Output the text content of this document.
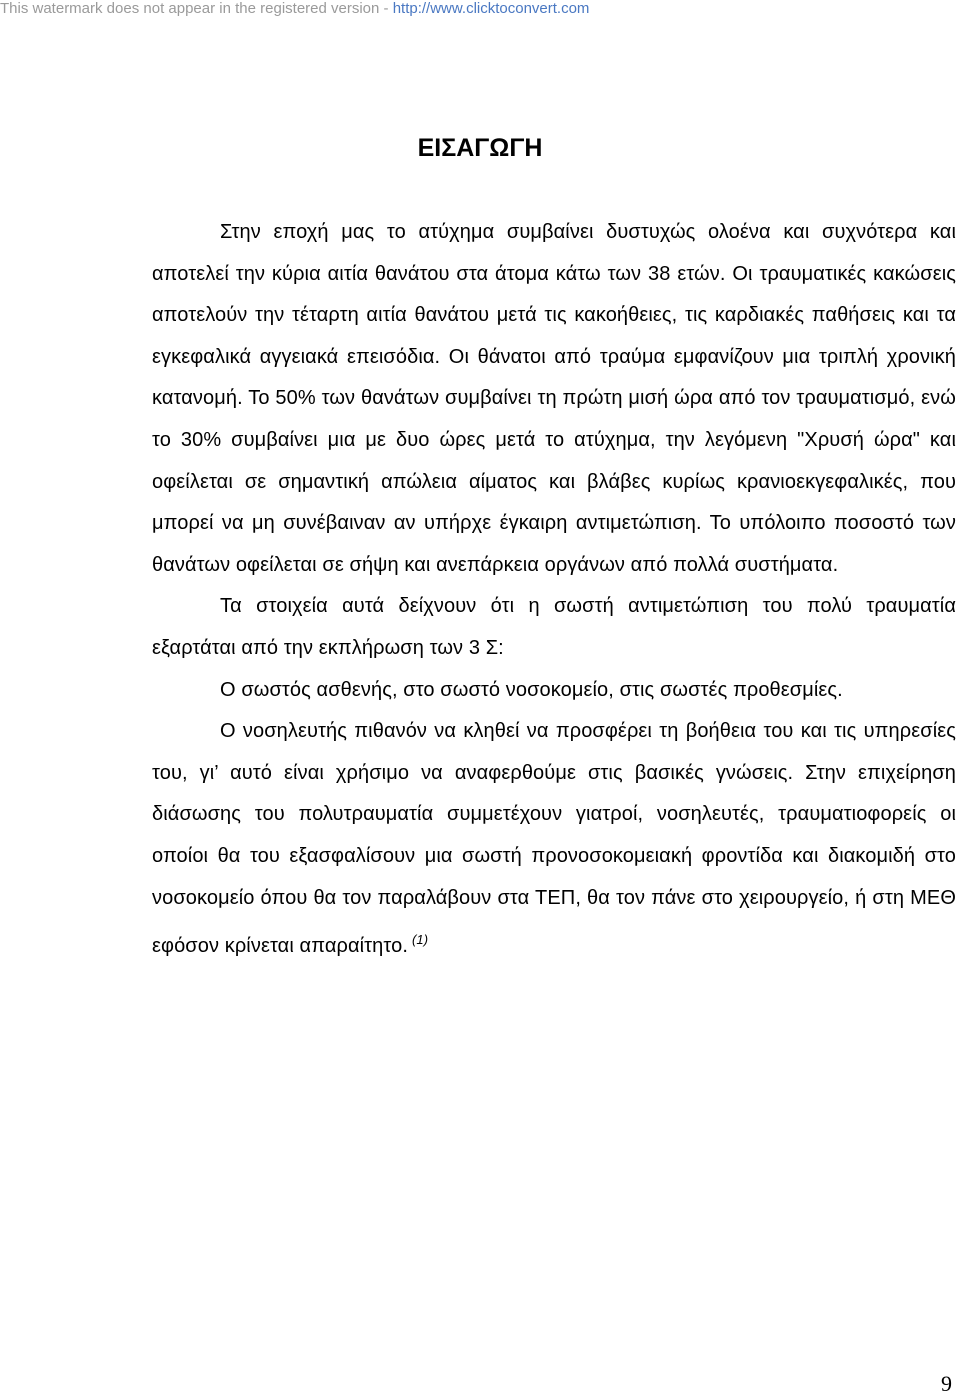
This watermark does not appear in the registered version - http://www.clicktoconvert.com
ΕΙΣΑΓΩΓΗ

Στην εποχή μας το ατύχημα συμβαίνει δυστυχώς ολοένα και συχνότερα και αποτελεί την κύρια αιτία θανάτου στα άτομα κάτω των 38 ετών. Οι τραυματικές κακώσεις αποτελούν την τέταρτη αιτία θανάτου μετά τις κακοήθειες, τις καρδιακές παθήσεις και τα εγκεφαλικά αγγειακά επεισόδια. Οι θάνατοι από τραύμα εμφανίζουν μια τριπλή χρονική κατανομή. Το 50% των θανάτων συμβαίνει τη πρώτη μισή ώρα από τον τραυματισμό, ενώ το 30% συμβαίνει μια με δυο ώρες μετά το ατύχημα, την λεγόμενη "Χρυσή ώρα" και οφείλεται σε σημαντική απώλεια αίματος και βλάβες κυρίως κρανιοεκγεφαλικές, που μπορεί να μη συνέβαιναν αν υπήρχε έγκαιρη αντιμετώπιση. Το υπόλοιπο ποσοστό των θανάτων οφείλεται σε σήψη και ανεπάρκεια οργάνων από πολλά συστήματα.

Τα στοιχεία αυτά δείχνουν ότι η σωστή αντιμετώπιση του πολύ τραυματία εξαρτάται από την εκπλήρωση των 3 Σ:

Ο σωστός ασθενής, στο σωστό νοσοκομείο, στις σωστές προθεσμίες.

Ο νοσηλευτής πιθανόν να κληθεί να προσφέρει τη βοήθεια του και τις υπηρεσίες του, γι’ αυτό είναι χρήσιμο να αναφερθούμε στις βασικές γνώσεις. Στην επιχείρηση διάσωσης του πολυτραυματία συμμετέχουν γιατροί, νοσηλευτές, τραυματιοφορείς οι οποίοι θα του εξασφαλίσουν μια σωστή προνοσοκομειακή φροντίδα και διακομιδή στο νοσοκομείο όπου θα τον παραλάβουν στα ΤΕΠ, θα τον πάνε στο χειρουργείο, ή στη ΜΕΘ εφόσον κρίνεται απαραίτητο. $^{(1)}$

9
